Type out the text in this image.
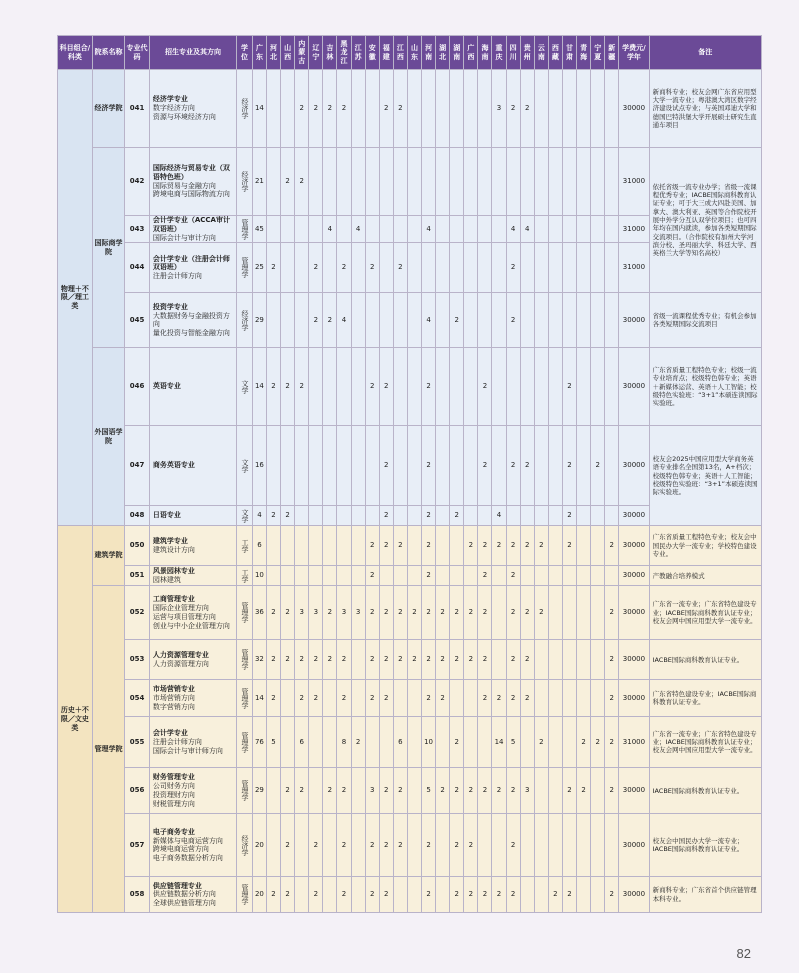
科目组合/科类	院系名称	专业代码	招生专业及其方向	学位	广东	河北	山西	内蒙古	辽宁	吉林	黑龙江	江苏	安徽	福建	江西	山东	河南	湖北	湖南	广西	海南	重庆	四川	贵州	云南	西藏	甘肃	青海	宁夏	新疆	学费元/学年	备注
物理＋不限／理工类	经济学院	041	经济学专业
数字经济方向
资源与环境经济方向	经济学	14			2	2	2	2			2	2							3	2	2							30000	新商科专业；校友会网广东省应用型大学一流专业；粤港澳大湾区数字经济建设试点专业；与英国邓迪大学和德国巴特洪堡大学开展硕士研究生直通车项目
	国际商学院	042	国际经济与贸易专业（双语特色班）
国际贸易与金融方向
跨境电商与国际物流方向	经济学	21		2	2																							31000	依托省级一流专业办学；省级一流课程优秀专业；IACBE国际商科教育认证专业；可于大三或大四赴美国、加拿大、澳大利亚、英国等合作院校开展中外学分互认双学位项目；也可四年均在国内就读，参加各类短期国际交流项目。（合作院校有加州大学河滨分校、圣玛丽大学、科廷大学、西英格兰大学等知名高校）
		043	会计学专业（ACCA审计双语班）
国际会计与审计方向	管理学	45					4		4					4						4	4							31000	
		044	会计学专业（注册会计师双语班）
注册会计师方向	管理学	25	2			2		2		2		2								2								31000	
		045	投资学专业
大数据财务与金融投资方向
量化投资与智能金融方向	经济学	29				2	2	4						4		2				2								30000	省级一流课程优秀专业；有机会参加各类短期国际交流项目
	外国语学院	046	英语专业	文学	14	2	2	2					2	2			2				2						2				30000	广东省质量工程特色专业；校级一流专业培育点；校级特色韩专业；英语＋新媒体运营、英语＋人工智能；校级特色实验班：“3+1”本硕连读国际实验班。
		047	商务英语专业	文学	16									2			2				2		2	2			2		2		30000	校友会2025中国应用型大学商务英语专业排名全国第13名，A+档次；校级特色韩专业；英语＋人工智能；校级特色实验班：“3+1”本硕连读国际实验班。
		048	日语专业	文学	4	2	2							2			2		2			4					2				30000	
历史＋不限／文史类	建筑学院	050	建筑学专业
建筑设计方向	工学	6								2	2	2		2			2	2	2	2	2	2		2			2	30000	广东省质量工程特色专业；校友会中国民办大学一流专业；学校特色建设专业。
		051	风景园林专业
园林建筑	工学	10								2				2				2		2								30000	产教融合培养模式
	管理学院	052	工商管理专业
国际企业管理方向
运营与项目管理方向
创业与中小企业管理方向	管理学	36	2	2	3	3	2	3	3	2	2	2	2	2	2	2	2	2		2	2	2					2	30000	广东省一流专业；广东省特色建设专业；IACBE国际商科教育认证专业；校友会网中国应用型大学一流专业。
		053	人力资源管理专业
人力资源管理方向	管理学	32	2	2	2	2	2	2		2	2	2	2	2	2	2	2	2		2	2						2	30000	IACBE国际商科教育认证专业。
		054	市场营销专业
市场营销方向
数字营销方向	管理学	14	2		2	2		2		2	2			2	2			2	2	2	2						2	30000	广东省特色建设专业；IACBE国际商科教育认证专业。
		055	会计学专业
注册会计师方向
国际会计与审计师方向	管理学	76	5		6			8	2			6		10		2			14	5		2			2	2	2	31000	广东省一流专业；广东省特色建设专业；IACBE国际商科教育认证专业；校友会网中国应用型大学一流专业。
		056	财务管理专业
公司财务方向
投资理财方向
财税管理方向	管理学	29		2	2		2	2		3	2	2		5	2	2	2	2	2	2	3			2	2		2	30000	IACBE国际商科教育认证专业。
		057	电子商务专业
新媒体与电商运营方向
跨境电商运营方向
电子商务数据分析方向	经济学	20		2		2		2		2	2	2		2		2	2			2								30000	校友会中国民办大学一流专业；IACBE国际商科教育认证专业。
		058	供应链管理专业
供应链数据分析方向
全球供应链管理方向	管理学	20	2	2		2		2		2	2			2		2	2	2	2	2			2	2			2	30000	新商科专业；广东省首个供应链管理本科专业。
82
